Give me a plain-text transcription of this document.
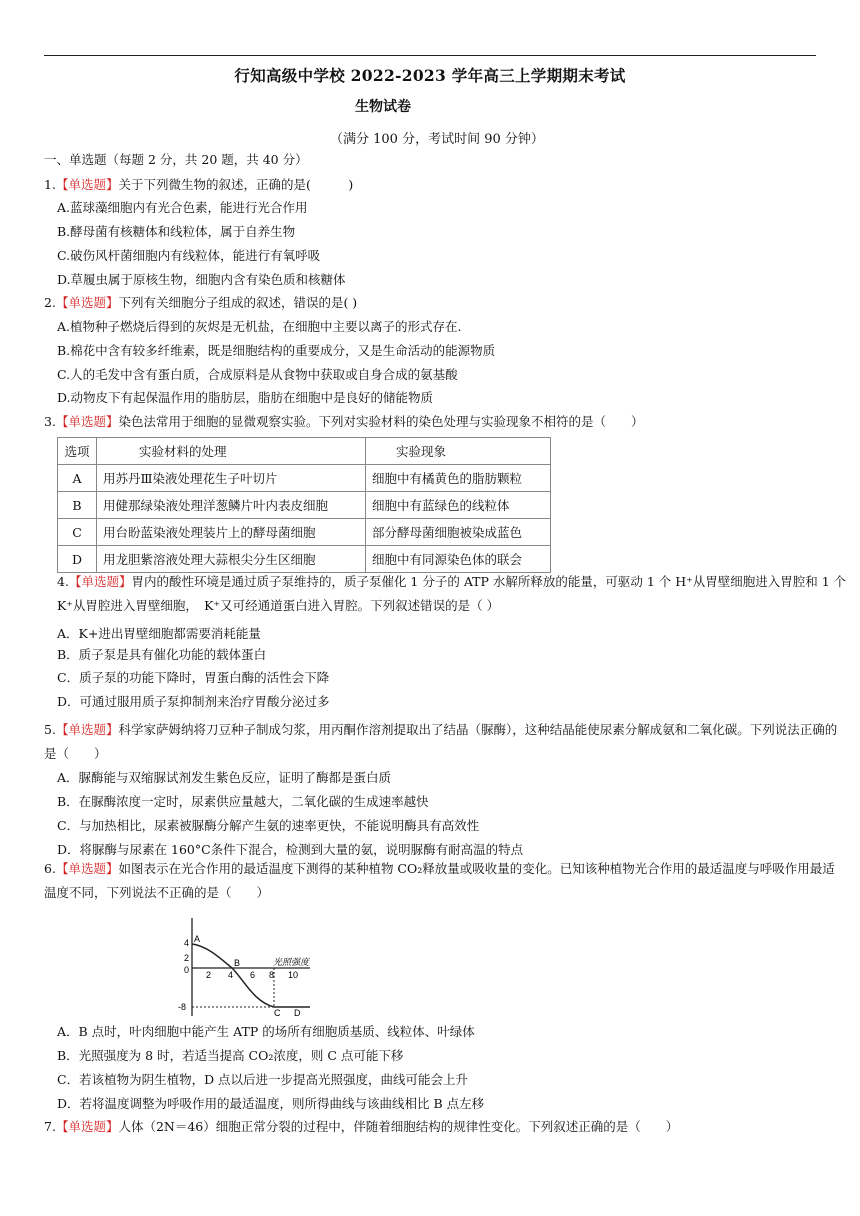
行知高级中学校 2022-2023 学年高三上学期期末考试
生物试卷
（满分 100 分，考试时间 90 分钟）
一、单选题（每题 2 分，共 20 题，共 40 分）
1.【单选题】关于下列微生物的叙述，正确的是(　　　)
A.蓝球藻细胞内有光合色素，能进行光合作用
B.酵母菌有核糖体和线粒体，属于自养生物
C.破伤风杆菌细胞内有线粒体，能进行有氧呼吸
D.草履虫属于原核生物，细胞内含有染色质和核糖体
2.【单选题】下列有关细胞分子组成的叙述，错误的是( )
A.植物种子燃烧后得到的灰烬是无机盐，在细胞中主要以离子的形式存在.
B.棉花中含有较多纤维素，既是细胞结构的重要成分，又是生命活动的能源物质
C.人的毛发中含有蛋白质，合成原料是从食物中获取或自身合成的氨基酸
D.动物皮下有起保温作用的脂肪层，脂肪在细胞中是良好的储能物质
3.【单选题】染色法常用于细胞的显微观察实验。下列对实验材料的染色处理与实验现象不相符的是（　　）
选项	实验材料的处理	实验现象
A	用苏丹Ⅲ染液处理花生子叶切片	细胞中有橘黄色的脂肪颗粒
B	用健那绿染液处理洋葱鳞片叶内表皮细胞	细胞中有蓝绿色的线粒体
C	用台盼蓝染液处理装片上的酵母菌细胞	部分酵母菌细胞被染成蓝色
D	用龙胆紫溶液处理大蒜根尖分生区细胞	细胞中有同源染色体的联会
4.【单选题】胃内的酸性环境是通过质子泵维持的，质子泵催化 1 分子的 ATP 水解所释放的能量，可驱动 1 个 H⁺从胃壁细胞进入胃腔和 1 个
K⁺从胃腔进入胃壁细胞，　K⁺又可经通道蛋白进入胃腔。下列叙述错误的是（ ）
A．K+进出胃壁细胞都需要消耗能量
B．质子泵是具有催化功能的载体蛋白
C．质子泵的功能下降时，胃蛋白酶的活性会下降
D．可通过服用质子泵抑制剂来治疗胃酸分泌过多
5.【单选题】科学家萨姆纳将刀豆种子制成匀浆，用丙酮作溶剂提取出了结晶（脲酶），这种结晶能使尿素分解成氨和二氧化碳。下列说法正确的
是（　　）
A．脲酶能与双缩脲试剂发生紫色反应，证明了酶都是蛋白质
B．在脲酶浓度一定时，尿素供应量越大，二氧化碳的生成速率越快
C．与加热相比，尿素被脲酶分解产生氨的速率更快，不能说明酶具有高效性
D．将脲酶与尿素在 160°C条件下混合，检测到大量的氨，说明脲酶有耐高温的特点
6.【单选题】如图表示在光合作用的最适温度下测得的某种植物 CO₂释放量或吸收量的变化。已知该种植物光合作用的最适温度与呼吸作用最适
温度不同，下列说法不正确的是（　　）
4
2
0
-8
2 4 6 8 10
光照强度
A
B
C D
A．B 点时，叶肉细胞中能产生 ATP 的场所有细胞质基质、线粒体、叶绿体
B．光照强度为 8 时，若适当提高 CO₂浓度，则 C 点可能下移
C．若该植物为阴生植物，D 点以后进一步提高光照强度，曲线可能会上升
D．若将温度调整为呼吸作用的最适温度，则所得曲线与该曲线相比 B 点左移
7.【单选题】人体（2N＝46）细胞正常分裂的过程中，伴随着细胞结构的规律性变化。下列叙述正确的是（　　）
